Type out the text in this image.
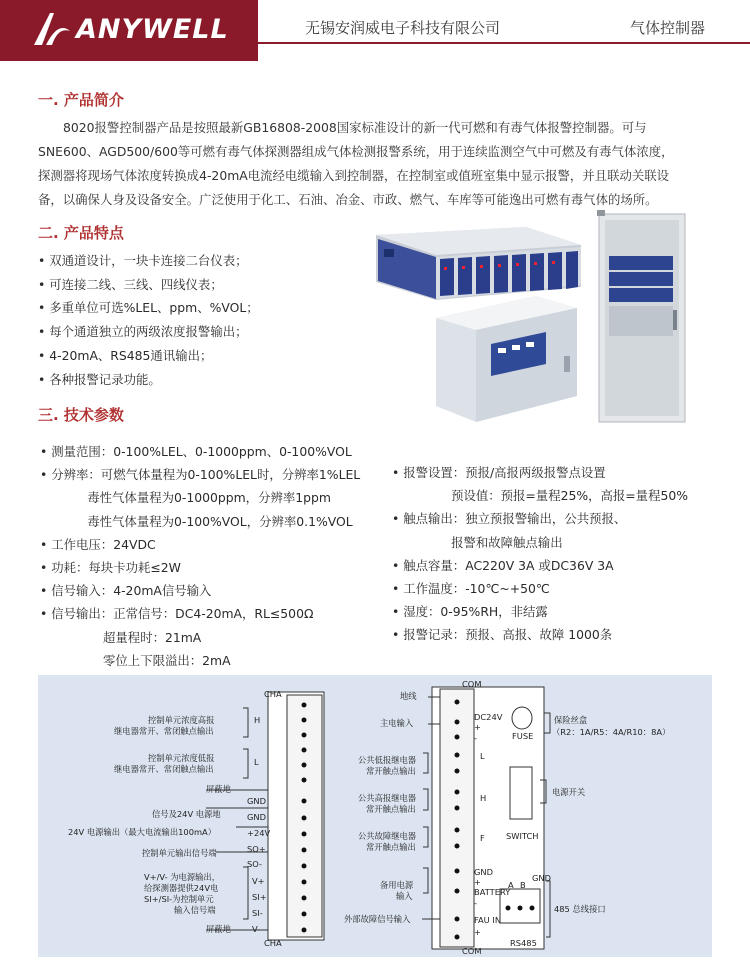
ANYWELL	无锡安润威电子科技有限公司	气体控制器
一. 产品简介
8020报警控制器产品是按照最新GB16808-2008国家标准设计的新一代可燃和有毒气体报警控制器。可与
SNE600、AGD500/600等可燃有毒气体探测器组成气体检测报警系统，用于连续监测空气中可燃及有毒气体浓度，
探测器将现场气体浓度转换成4-20mA电流经电缆输入到控制器，在控制室或值班室集中显示报警，并且联动关联设
备，以确保人身及设备安全。广泛使用于化工、石油、冶金、市政、燃气、车库等可能逸出可燃有毒气体的场所。
二. 产品特点
• 双通道设计，一块卡连接二台仪表；
• 可连接二线、三线、四线仪表；
• 多重单位可选%LEL、ppm、%VOL；
• 每个通道独立的两级浓度报警输出；
• 4-20mA、RS485通讯输出；
• 各种报警记录功能。
三. 技术参数
• 测量范围：0-100%LEL、0-1000ppm、0-100%VOL
• 分辨率：可燃气体量程为0-100%LEL时，分辨率1%LEL
毒性气体量程为0-1000ppm，分辨率1ppm
毒性气体量程为0-100%VOL，分辨率0.1%VOL
• 工作电压：24VDC
• 功耗：每块卡功耗≤2W
• 信号输入：4-20mA信号输入
• 信号输出：正常信号：DC4-20mA，RL≤500Ω
超量程时：21mA
零位上下限溢出：2mA

• 报警设置：预报/高报两级报警点设置
预设值：预报=量程25%，高报=量程50%
• 触点输出：独立预报警输出，公共预报、
报警和故障触点输出
• 触点容量：AC220V 3A 或DC36V 3A
• 工作温度：-10℃~+50℃
• 湿度：0-95%RH，非结露
• 报警记录：预报、高报、故障 1000条
CHA
CHA
控制单元浓度高报
继电器常开、常闭触点输出
控制单元浓度低报
继电器常开、常闭触点输出
屏蔽地
信号及24V 电源地
24V 电源输出（最大电流输出100mA）
控制单元输出信号端
V+/V- 为电源输出，
给探测器提供24V电
SI+/SI-为控制单元
输入信号端
屏蔽地
H
L
GND
GND
+24V
SO+
SO-
V+
SI+
SI-
V-
COM
COM
地线
主电输入
公共低报继电器
常开触点输出
公共高报继电器
常开触点输出
公共故障继电器
常开触点输出
备用电源
输入
外部故障信号输入
DC24V
+
-
L
H
F
GND
+
BATTERY
-
FAU IN
+
FUSE
保险丝盒
（R2：1A/R5：4A/R10：8A）
SWITCH
电源开关
A B
GND
RS485
485 总线接口
